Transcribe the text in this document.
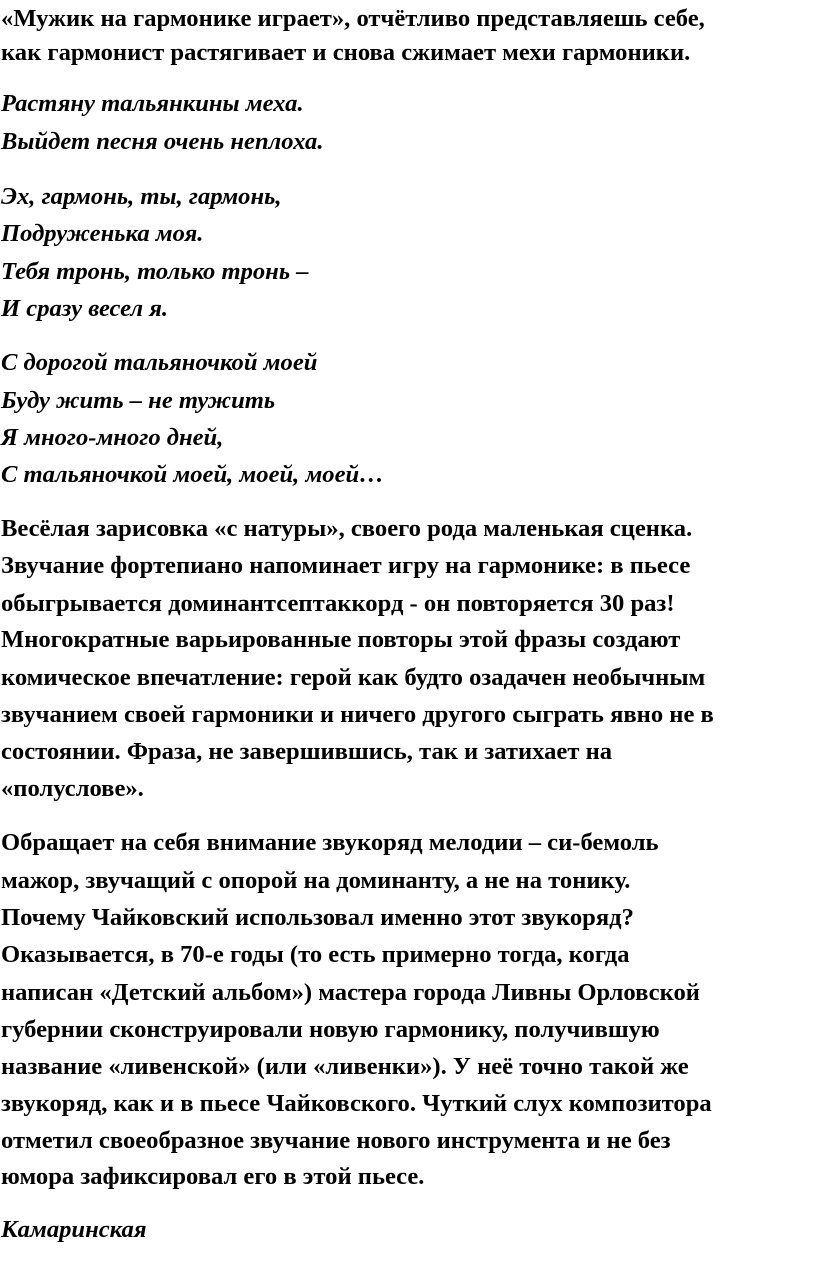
«Мужик на гармонике играет», отчётливо представляешь себе,
как гармонист растягивает и снова сжимает мехи гармоники.
Растяну тальянкины меха.
Выйдет песня очень неплоха.
Эх, гармонь, ты, гармонь,
Подруженька моя.
Тебя тронь, только тронь –
И сразу весел я.
С дорогой тальяночкой моей
Буду жить – не тужить
Я много-много дней,
С тальяночкой моей, моей, моей…
Весёлая зарисовка «с натуры», своего рода маленькая сценка.
Звучание фортепиано напоминает игру на гармонике: в пьесе
обыгрывается доминантсептаккорд - он повторяется 30 раз!
Многократные варьированные повторы этой фразы создают
комическое впечатление: герой как будто озадачен необычным
звучанием своей гармоники и ничего другого сыграть явно не в
состоянии. Фраза, не завершившись, так и затихает на
«полуслове».
Обращает на себя внимание звукоряд мелодии – си-бемоль
мажор, звучащий с опорой на доминанту, а не на тонику.
Почему Чайковский использовал именно этот звукоряд?
Оказывается, в 70-е годы (то есть примерно тогда, когда
написан «Детский альбом») мастера города Ливны Орловской
губернии сконструировали новую гармонику, получившую
название «ливенской» (или «ливенки»). У неё точно такой же
звукоряд, как и в пьесе Чайковского. Чуткий слух композитора
отметил своеобразное звучание нового инструмента и не без
юмора зафиксировал его в этой пьесе.
Камаринская
